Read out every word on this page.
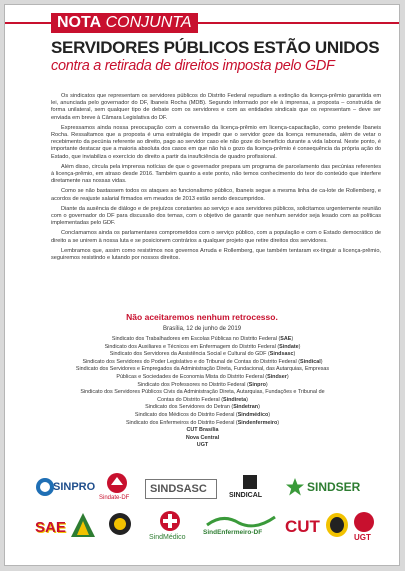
NOTA CONJUNTA
SERVIDORES PÚBLICOS ESTÃO UNIDOS
contra a retirada de direitos imposta pelo GDF

Os sindicatos que representam os servidores públicos do Distrito Federal repudiam a extinção da licença-prêmio garantida em lei, anunciada pelo governador do DF, Ibaneis Rocha (MDB). Segundo informado por ele à imprensa, a proposta – construída de forma unilateral, sem qualquer tipo de debate com os servidores e com as entidades sindicais que os representam – deve ser enviada em breve à Câmara Legislativa do DF.

Expressamos ainda nossa preocupação com a conversão da licença-prêmio em licença-capacitação, como pretende Ibaneis Rocha. Ressaltamos que a proposta é uma estratégia de impedir que o servidor goze da licença remunerada, além de vetar o recebimento da pecúnia referente ao direito, pago ao servidor caso ele não goze do benefício durante a vida laboral. Neste ponto, é importante destacar que a maioria absoluta dos casos em que não há o gozo da licença-prêmio é consequência da própria ação do Estado, que inviabiliza o exercício do direito a partir da insuficiência de quadro profissional.

Além disso, circula pela imprensa notícias de que o governador prepara um programa de parcelamento das pecúnias referentes à licença-prêmio, em atraso desde 2016. Também quanto a este ponto, não temos conhecimento do teor do conteúdo que interfere diretamente nas nossas vidas.

Como se não bastassem todos os ataques ao funcionalismo público, Ibaneis segue a mesma linha de ca-lote de Rollemberg, e acordos de reajuste salarial firmados em meados de 2013 estão sendo descumpridos.

Diante da ausência de diálogo e de prejuízos constantes ao serviço e aos servidores públicos, solicitamos urgentemente reunião com o governador do DF para discussão dos temas, com o objetivo de garantir que nenhum servidor seja lesado com as políticas implementadas pelo GDF.

Conclamamos ainda os parlamentares comprometidos com o serviço público, com a população e com o Estado democrático de direito a se unirem à nossa luta e se posicionem contrários a qualquer projeto que retire direitos dos servidores.

Lembramos que, assim como resistimos nos governos Arruda e Rollemberg, que também tentaram ex-tinguir a licença-prêmio, seguiremos resistindo e lutando por nossos direitos.

Não aceitaremos nenhum retrocesso.
Brasília, 12 de junho de 2019
Sindicato dos Trabalhadores em Escolas Públicas no Distrito Federal (SAE)
Sindicato dos Auxiliares e Técnicos em Enfermagem do Distrito Federal (Sindate)
Sindicato dos Servidores da Assistência Social e Cultural do GDF (Sindsasc)
Sindicato dos Servidores do Poder Legislativo e do Tribunal de Contas do Distrito Federal (Sindical)
Sindicato dos Servidores e Empregados da Administração Direta, Fundacional, das Autarquias, Empresas Públicas e Sociedades de Economia Mista do Distrito Federal (Sindser)
Sindicato dos Professores no Distrito Federal (Sinpro)
Sindicato dos Servidores Públicos Civis da Administração Direta, Autarquias, Fundações e Tribunal de Contas do Distrito Federal (Sindireta)
Sindicato dos Servidores do Detran (Sindetran)
Sindicato dos Médicos do Distrito Federal (Sindmédico)
Sindicato dos Enfermeiros do Distrito Federal (Sindenfermeiro)
CUT Brasília
Nova Central
UGT
SINPRO
Sindate-DF
SINDSASC
SINDICAL
SINDSER
SAE
SindMédico
SindEnfermeiro-DF CUT
UGT
